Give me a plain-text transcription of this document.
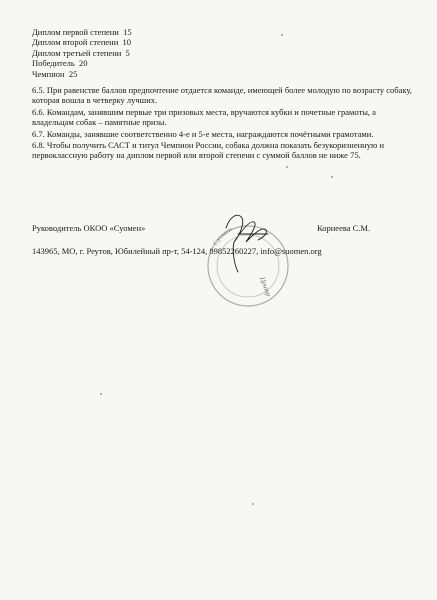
Диплом первой степени 15
Диплом второй степени 10
Диплом третьей степени 5
Победитель 20
Чемпион 25

6.5. При равенстве баллов предпочтение отдается команде, имеющей более молодую по возрасту собаку, которая вошла в четверку лучших.

6.6. Командам, занявшим первые три призовых места, вручаются кубки и почетные грамоты, а владельцам собак – памятные призы.

6.7. Команды, занявшие соответственно 4-е и 5-е места, награждаются почётными грамотами.

6.8. Чтобы получить САСТ и титул Чемпион России, собака должна показать безукоризненную и первоклассную работу на диплом первой или второй степени с суммой баллов не ниже 75.

Руководитель ОКОО «Суомен»	Корнеева С.М.
143965, МО, г. Реутов, Юбилейный пр-т, 54-124, 89852260227, info@suomen.org
Суомен
Центр
